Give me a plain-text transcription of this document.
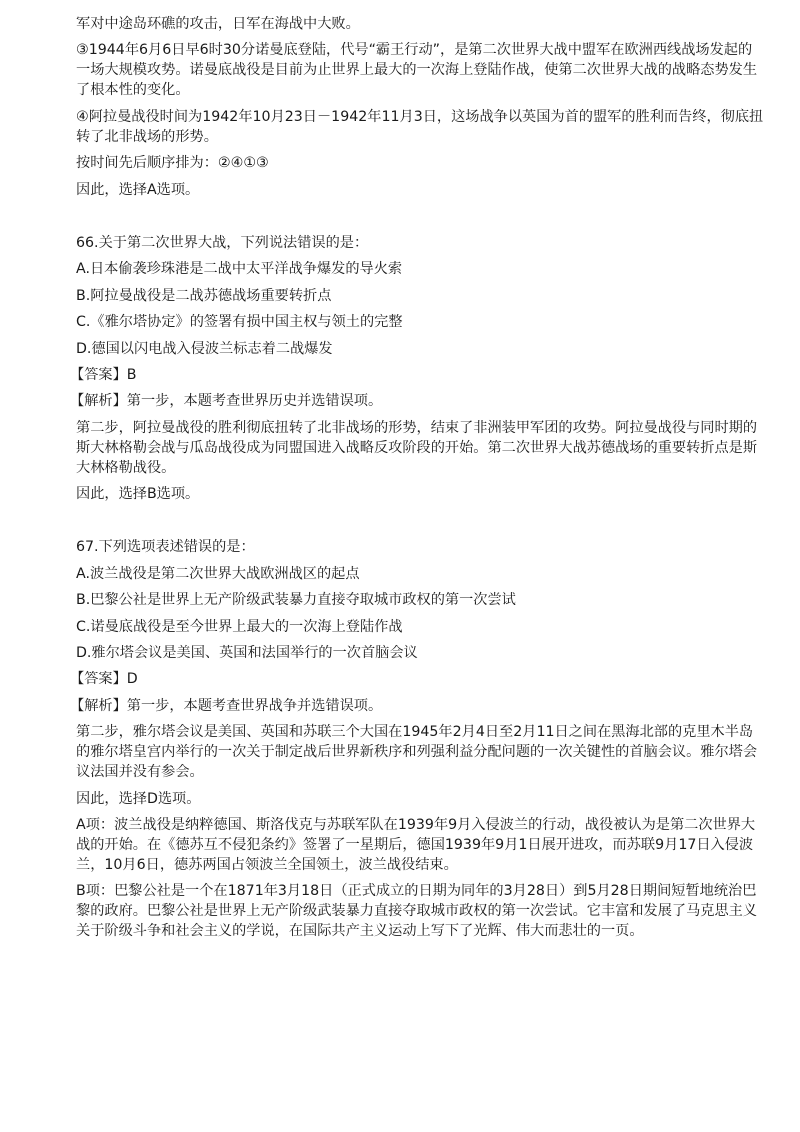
军对中途岛环礁的攻击，日军在海战中大败。
③1944年6月6日早6时30分诺曼底登陆，代号“霸王行动”，是第二次世界大战中盟军在欧洲西线战场发起的一场大规模攻势。诺曼底战役是目前为止世界上最大的一次海上登陆作战，使第二次世界大战的战略态势发生了根本性的变化。
④阿拉曼战役时间为1942年10月23日－1942年11月3日，这场战争以英国为首的盟军的胜利而告终，彻底扭转了北非战场的形势。
按时间先后顺序排为：②④①③
因此，选择A选项。
66.关于第二次世界大战，下列说法错误的是：
A.日本偷袭珍珠港是二战中太平洋战争爆发的导火索
B.阿拉曼战役是二战苏德战场重要转折点
C.《雅尔塔协定》的签署有损中国主权与领土的完整
D.德国以闪电战入侵波兰标志着二战爆发
【答案】B
【解析】第一步，本题考查世界历史并选错误项。
第二步，阿拉曼战役的胜利彻底扭转了北非战场的形势，结束了非洲装甲军团的攻势。阿拉曼战役与同时期的斯大林格勒会战与瓜岛战役成为同盟国进入战略反攻阶段的开始。第二次世界大战苏德战场的重要转折点是斯大林格勒战役。
因此，选择B选项。
67.下列选项表述错误的是：
A.波兰战役是第二次世界大战欧洲战区的起点
B.巴黎公社是世界上无产阶级武装暴力直接夺取城市政权的第一次尝试
C.诺曼底战役是至今世界上最大的一次海上登陆作战
D.雅尔塔会议是美国、英国和法国举行的一次首脑会议
【答案】D
【解析】第一步，本题考查世界战争并选错误项。
第二步，雅尔塔会议是美国、英国和苏联三个大国在1945年2月4日至2月11日之间在黑海北部的克里木半岛的雅尔塔皇宫内举行的一次关于制定战后世界新秩序和列强利益分配问题的一次关键性的首脑会议。雅尔塔会议法国并没有参会。
因此，选择D选项。
A项：波兰战役是纳粹德国、斯洛伐克与苏联军队在1939年9月入侵波兰的行动，战役被认为是第二次世界大战的开始。在《德苏互不侵犯条约》签署了一星期后，德国1939年9月1日展开进攻，而苏联9月17日入侵波兰，10月6日，德苏两国占领波兰全国领土，波兰战役结束。
B项：巴黎公社是一个在1871年3月18日（正式成立的日期为同年的3月28日）到5月28日期间短暂地统治巴黎的政府。巴黎公社是世界上无产阶级武装暴力直接夺取城市政权的第一次尝试。它丰富和发展了马克思主义关于阶级斗争和社会主义的学说，在国际共产主义运动上写下了光辉、伟大而悲壮的一页。
